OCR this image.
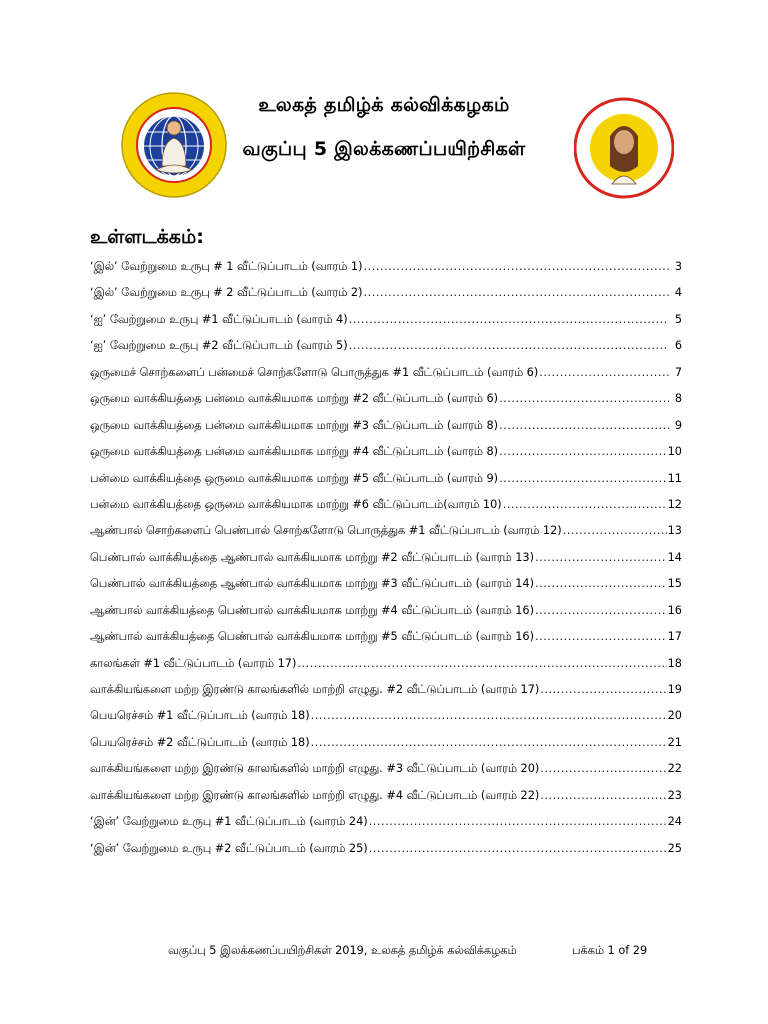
உலகத் தமிழ்க் கல்விக்கழகம்
வகுப்பு 5 இலக்கணப்பயிற்சிகள்
உள்ளடக்கம்:
‘இல்’ வேற்றுமை உருபு # 1 வீட்டுப்பாடம் (வாரம் 1) .....	3
‘இல்’ வேற்றுமை உருபு # 2 வீட்டுப்பாடம் (வாரம் 2) .....	4
‘ஐ’ வேற்றுமை உருபு #1 வீட்டுப்பாடம் (வாரம் 4) .....	5
‘ஐ’ வேற்றுமை உருபு #2 வீட்டுப்பாடம் (வாரம் 5) .....	6
ஒருமைச் சொற்களைப் பன்மைச் சொற்களோடு பொருத்துக #1 வீட்டுப்பாடம் (வாரம் 6) .....	7
ஒருமை வாக்கியத்தை பன்மை வாக்கியமாக மாற்று #2 வீட்டுப்பாடம் (வாரம் 6) .....	8
ஒருமை வாக்கியத்தை பன்மை வாக்கியமாக மாற்று #3 வீட்டுப்பாடம் (வாரம் 8) .....	9
ஒருமை வாக்கியத்தை பன்மை வாக்கியமாக மாற்று #4 வீட்டுப்பாடம் (வாரம் 8) .....	10
பன்மை வாக்கியத்தை ஒருமை வாக்கியமாக மாற்று #5 வீட்டுப்பாடம் (வாரம் 9) .....	11
பன்மை வாக்கியத்தை ஒருமை வாக்கியமாக மாற்று #6 வீட்டுப்பாடம்(வாரம் 10) .....	12
ஆண்பால் சொற்களைப் பெண்பால் சொற்களோடு பொருத்துக #1 வீட்டுப்பாடம் (வாரம் 12) .....	13
பெண்பால் வாக்கியத்தை ஆண்பால் வாக்கியமாக மாற்று #2 வீட்டுப்பாடம் (வாரம் 13) .....	14
பெண்பால் வாக்கியத்தை ஆண்பால் வாக்கியமாக மாற்று #3 வீட்டுப்பாடம் (வாரம் 14) .....	15
ஆண்பால் வாக்கியத்தை பெண்பால் வாக்கியமாக மாற்று #4 வீட்டுப்பாடம் (வாரம் 16) .....	16
ஆண்பால் வாக்கியத்தை பெண்பால் வாக்கியமாக மாற்று #5 வீட்டுப்பாடம் (வாரம் 16) .....	17
காலங்கள் #1 வீட்டுப்பாடம் (வாரம் 17) .....	18
வாக்கியங்களை மற்ற இரண்டு காலங்களில் மாற்றி எழுது. #2 வீட்டுப்பாடம் (வாரம் 17) .....	19
பெயரெச்சம் #1 வீட்டுப்பாடம் (வாரம் 18) .....	20
பெயரெச்சம் #2 வீட்டுப்பாடம் (வாரம் 18) .....	21
வாக்கியங்களை மற்ற இரண்டு காலங்களில் மாற்றி எழுது. #3 வீட்டுப்பாடம் (வாரம் 20) .....	22
வாக்கியங்களை மற்ற இரண்டு காலங்களில் மாற்றி எழுது. #4 வீட்டுப்பாடம் (வாரம் 22) .....	23
‘இன்’ வேற்றுமை உருபு #1 வீட்டுப்பாடம் (வாரம் 24) .....	24
‘இன்’ வேற்றுமை உருபு #2 வீட்டுப்பாடம் (வாரம் 25) .....	25
வகுப்பு 5 இலக்கணப்பயிற்சிகள் 2019, உலகத் தமிழ்க் கல்விக்கழகம்	பக்கம் 1 of 29
